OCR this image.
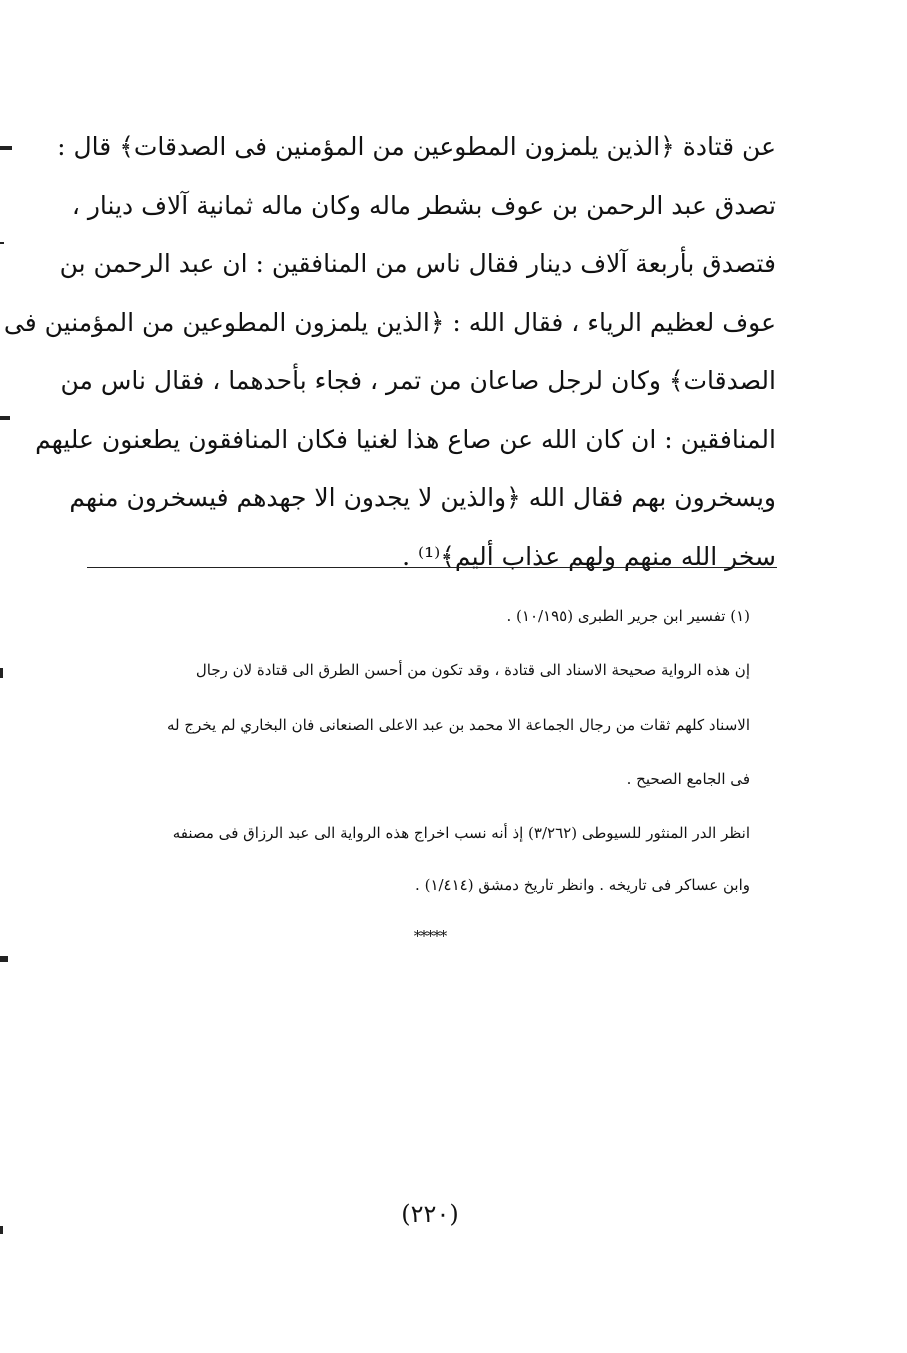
عن قتادة ﴿الذين يلمزون المطوعين من المؤمنين فى الصدقات﴾ قال :
تصدق عبد الرحمن بن عوف بشطر ماله وكان ماله ثمانية آلاف دينار ،
فتصدق بأربعة آلاف دينار فقال ناس من المنافقين : ان عبد الرحمن بن
عوف لعظيم الرياء ، فقال الله : ﴿الذين يلمزون المطوعين من المؤمنين فى
الصدقات﴾ وكان لرجل صاعان من تمر ، فجاء بأحدهما ، فقال ناس من
المنافقين : ان كان الله عن صاع هذا لغنيا فكان المنافقون يطعنون عليهم
ويسخرون بهم فقال الله ﴿والذين لا يجدون الا جهدهم فيسخرون منهم
سخر الله منهم ولهم عذاب أليم﴾⁽¹⁾ .
(١) تفسير ابن جرير الطبرى (١٠/١٩٥) .
إن هذه الرواية صحيحة الاسناد الى قتادة ، وقد تكون من أحسن الطرق الى قتادة لان رجال
الاسناد كلهم ثقات من رجال الجماعة الا محمد بن عبد الاعلى الصنعانى فان البخاري لم يخرج له
فى الجامع الصحيح .
انظر الدر المنثور للسيوطى (٣/٢٦٢) إذ أنه نسب اخراج هذه الرواية الى عبد الرزاق فى مصنفه
وابن عساكر فى تاريخه . وانظر تاريخ دمشق (١/٤١٤) .
*****
(٢٢٠)
